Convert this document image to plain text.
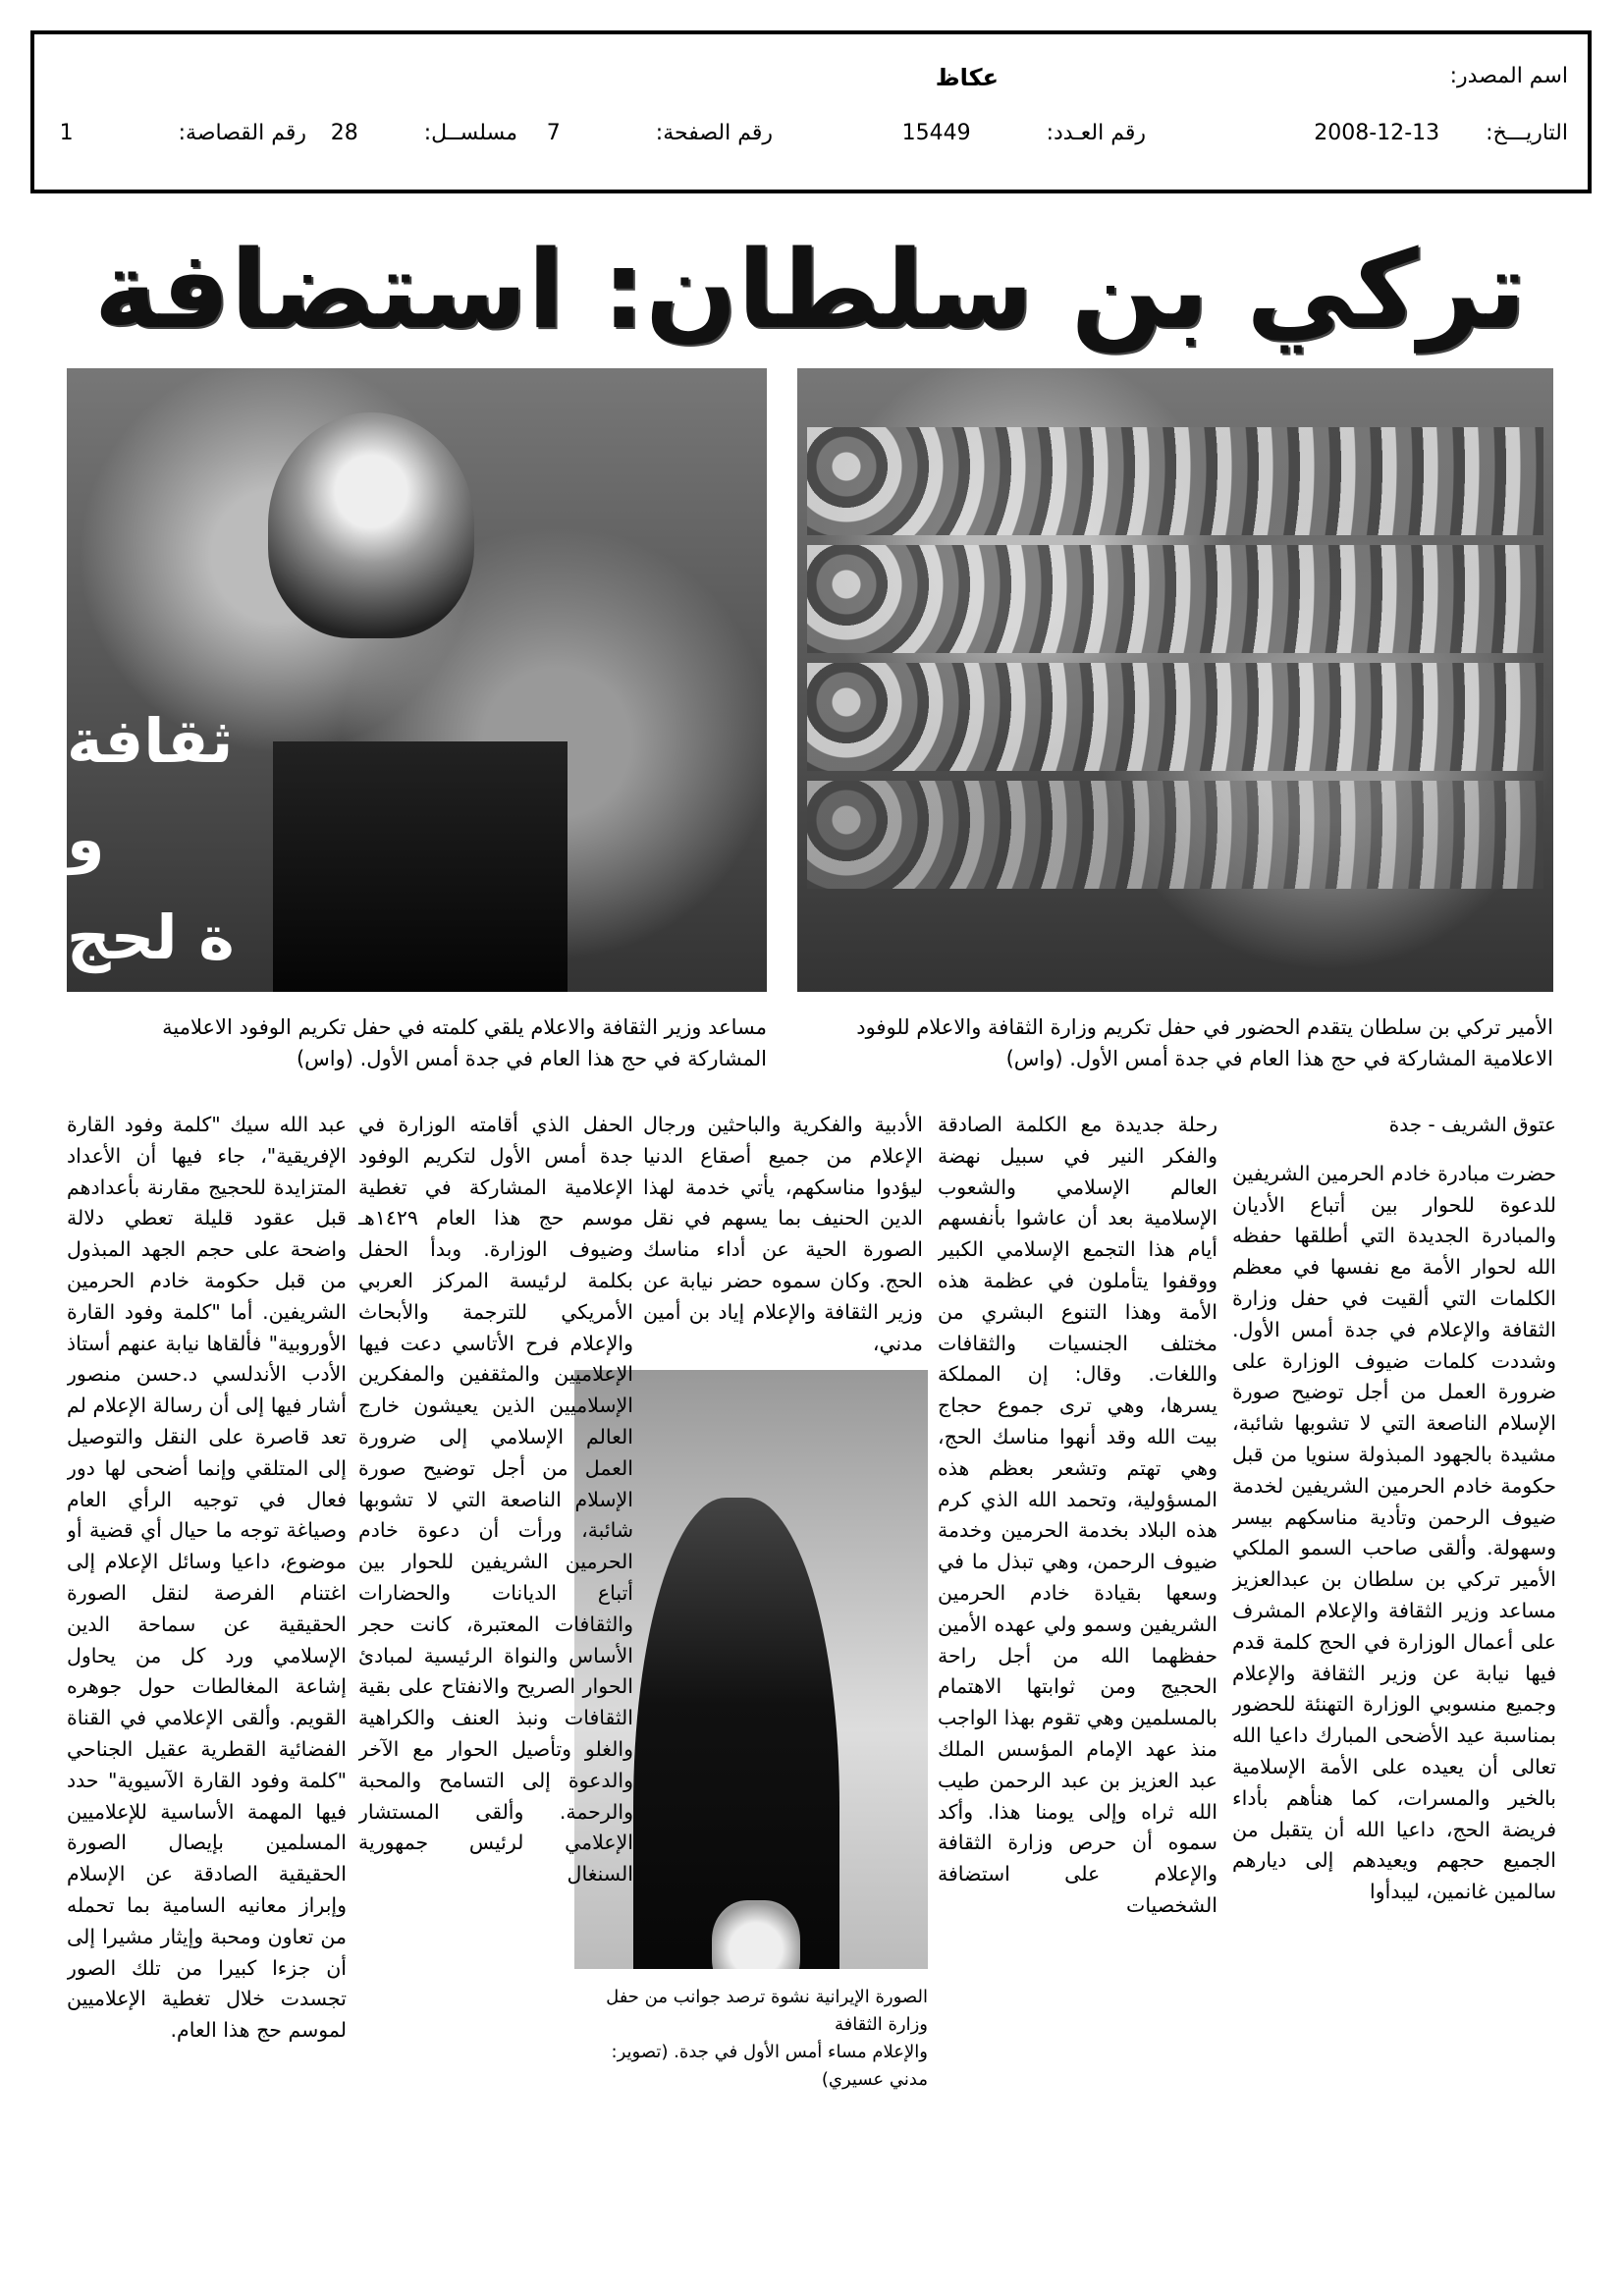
اسم المصدر:
عكاظ
التاريـــخ: 13-12-2008
رقم العـدد: 15449
رقم الصفحة: 7
مسلســل: 28
رقم القصاصة: 1
تركي بن سلطان: استضافة
ثقافة و
ة لحج
الأمير تركي بن سلطان يتقدم الحضور في حفل تكريم وزارة الثقافة والاعلام للوفود
الاعلامية المشاركة في حج هذا العام في جدة أمس الأول. (واس)
مساعد وزير الثقافة والاعلام يلقي كلمته في حفل تكريم الوفود الاعلامية
المشاركة في حج هذا العام في جدة أمس الأول. (واس)
عتوق الشريف - جدة

حضرت مبادرة خادم الحرمين الشريفين للدعوة للحوار بين أتباع الأديان والمبادرة الجديدة التي أطلقها حفظه الله لحوار الأمة مع نفسها في معظم الكلمات التي ألقيت في حفل وزارة الثقافة والإعلام في جدة أمس الأول. وشددت كلمات ضيوف الوزارة على ضرورة العمل من أجل توضيح صورة الإسلام الناصعة التي لا تشوبها شائبة، مشيدة بالجهود المبذولة سنويا من قبل حكومة خادم الحرمين الشريفين لخدمة ضيوف الرحمن وتأدية مناسكهم بيسر وسهولة. وألقى صاحب السمو الملكي الأمير تركي بن سلطان بن عبدالعزيز مساعد وزير الثقافة والإعلام المشرف على أعمال الوزارة في الحج كلمة قدم فيها نيابة عن وزير الثقافة والإعلام وجميع منسوبي الوزارة التهنئة للحضور بمناسبة عيد الأضحى المبارك داعيا الله تعالى أن يعيده على الأمة الإسلامية بالخير والمسرات، كما هنأهم بأداء فريضة الحج، داعيا الله أن يتقبل من الجميع حجهم ويعيدهم إلى ديارهم سالمين غانمين، ليبدأوا

رحلة جديدة مع الكلمة الصادقة والفكر النير في سبيل نهضة العالم الإسلامي والشعوب الإسلامية بعد أن عاشوا بأنفسهم أيام هذا التجمع الإسلامي الكبير ووقفوا يتأملون في عظمة هذه الأمة وهذا التنوع البشري من مختلف الجنسيات والثقافات واللغات. وقال: إن المملكة يسرها، وهي ترى جموع حجاج بيت الله وقد أنهوا مناسك الحج، وهي تهتم وتشعر بعظم هذه المسؤولية، وتحمد الله الذي كرم هذه البلاد بخدمة الحرمين وخدمة ضيوف الرحمن، وهي تبذل ما في وسعها بقيادة خادم الحرمين الشريفين وسمو ولي عهده الأمين حفظهما الله من أجل راحة الحجيج ومن ثوابتها الاهتمام بالمسلمين وهي تقوم بهذا الواجب منذ عهد الإمام المؤسس الملك عبد العزيز بن عبد الرحمن طيب الله ثراه وإلى يومنا هذا. وأكد سموه أن حرص وزارة الثقافة والإعلام على استضافة الشخصيات

الأدبية والفكرية والباحثين ورجال الإعلام من جميع أصقاع الدنيا ليؤدوا مناسكهم، يأتي خدمة لهذا الدين الحنيف بما يسهم في نقل الصورة الحية عن أداء مناسك الحج. وكان سموه حضر نيابة عن وزير الثقافة والإعلام إياد بن أمين مدني،

الصورة الإيرانية نشوة ترصد جوانب من حفل وزارة الثقافة
والإعلام مساء أمس الأول في جدة. (تصوير: مدني عسيري)

الحفل الذي أقامته الوزارة في جدة أمس الأول لتكريم الوفود الإعلامية المشاركة في تغطية موسم حج هذا العام ١٤٢٩هـ وضيوف الوزارة. وبدأ الحفل بكلمة لرئيسة المركز العربي الأمريكي للترجمة والأبحاث والإعلام فرح الأتاسي دعت فيها الإعلاميين والمثقفين والمفكرين الإسلاميين الذين يعيشون خارج العالم الإسلامي إلى ضرورة العمل من أجل توضيح صورة الإسلام الناصعة التي لا تشوبها شائبة، ورأت أن دعوة خادم الحرمين الشريفين للحوار بين أتباع الديانات والحضارات والثقافات المعتبرة، كانت حجر الأساس والنواة الرئيسية لمبادئ الحوار الصريح والانفتاح على بقية الثقافات ونبذ العنف والكراهية والغلو وتأصيل الحوار مع الآخر والدعوة إلى التسامح والمحبة والرحمة. وألقى المستشار الإعلامي لرئيس جمهورية السنغال

عبد الله سيك "كلمة وفود القارة الإفريقية"، جاء فيها أن الأعداد المتزايدة للحجيج مقارنة بأعدادهم قبل عقود قليلة تعطي دلالة واضحة على حجم الجهد المبذول من قبل حكومة خادم الحرمين الشريفين. أما "كلمة وفود القارة الأوروبية" فألقاها نيابة عنهم أستاذ الأدب الأندلسي د.حسن منصور أشار فيها إلى أن رسالة الإعلام لم تعد قاصرة على النقل والتوصيل إلى المتلقي وإنما أضحى لها دور فعال في توجيه الرأي العام وصياغة توجه ما حيال أي قضية أو موضوع، داعيا وسائل الإعلام إلى اغتنام الفرصة لنقل الصورة الحقيقية عن سماحة الدين الإسلامي ورد كل من يحاول إشاعة المغالطات حول جوهره القويم. وألقى الإعلامي في القناة الفضائية القطرية عقيل الجناحي "كلمة وفود القارة الآسيوية" حدد فيها المهمة الأساسية للإعلاميين المسلمين بإيصال الصورة الحقيقية الصادقة عن الإسلام وإبراز معانيه السامية بما تحمله من تعاون ومحبة وإيثار مشيرا إلى أن جزءا كبيرا من تلك الصور تجسدت خلال تغطية الإعلاميين لموسم حج هذا العام.
